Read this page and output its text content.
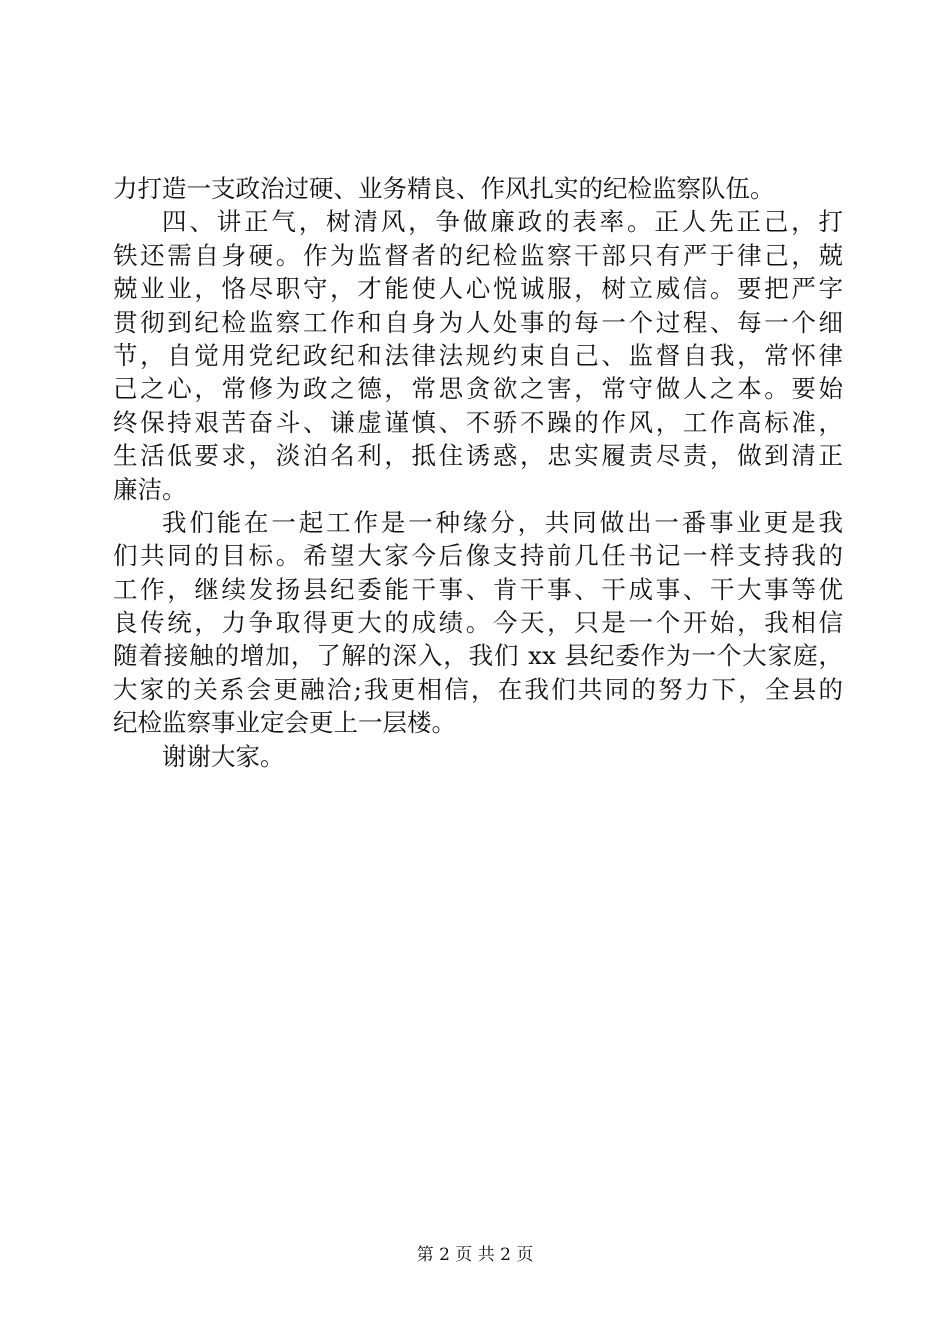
力打造一支政治过硬、业务精良、作风扎实的纪检监察队伍。
四、讲正气，树清风，争做廉政的表率。正人先正己，打
铁还需自身硬。作为监督者的纪检监察干部只有严于律己，兢
兢业业，恪尽职守，才能使人心悦诚服，树立威信。要把严字
贯彻到纪检监察工作和自身为人处事的每一个过程、每一个细
节，自觉用党纪政纪和法律法规约束自己、监督自我，常怀律
己之心，常修为政之德，常思贪欲之害，常守做人之本。要始
终保持艰苦奋斗、谦虚谨慎、不骄不躁的作风，工作高标准，
生活低要求，淡泊名利，抵住诱惑，忠实履责尽责，做到清正
廉洁。
我们能在一起工作是一种缘分，共同做出一番事业更是我
们共同的目标。希望大家今后像支持前几任书记一样支持我的
工作，继续发扬县纪委能干事、肯干事、干成事、干大事等优
良传统，力争取得更大的成绩。今天，只是一个开始，我相信
随着接触的增加，了解的深入，我们 xx 县纪委作为一个大家庭，
大家的关系会更融洽;我更相信，在我们共同的努力下，全县的
纪检监察事业定会更上一层楼。
谢谢大家。
第 2 页 共 2 页
